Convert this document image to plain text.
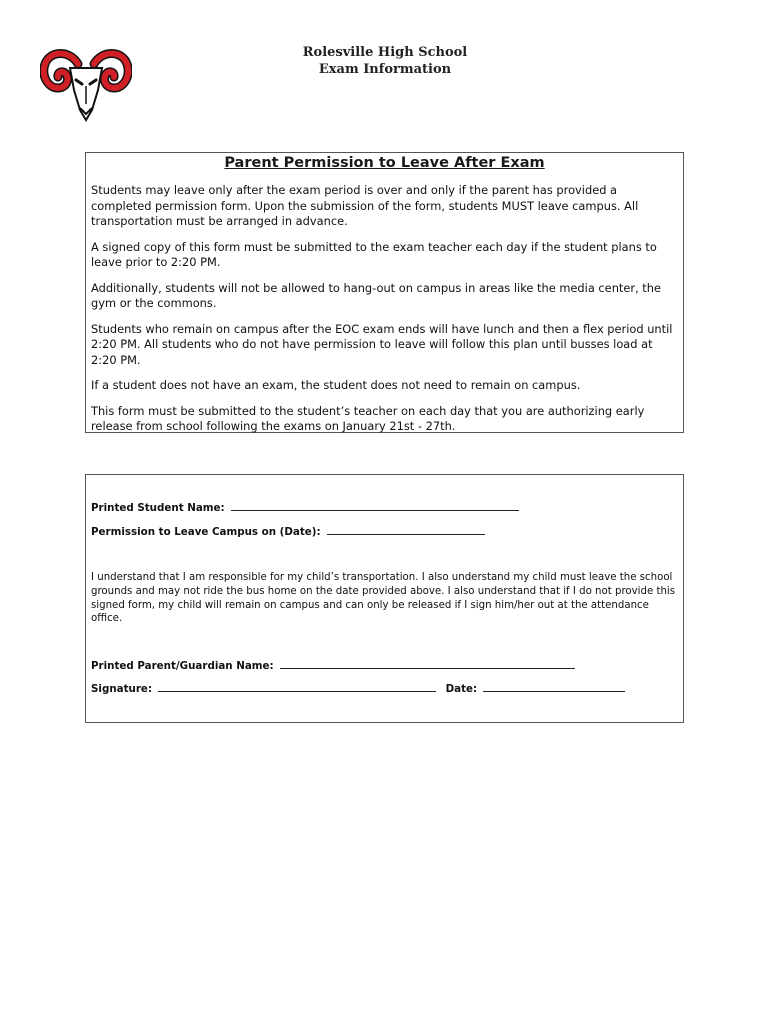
Rolesville High School
Exam Information
Parent Permission to Leave After Exam

Students may leave only after the exam period is over and only if the parent has provided a completed permission form. Upon the submission of the form, students MUST leave campus. All transportation must be arranged in advance.

A signed copy of this form must be submitted to the exam teacher each day if the student plans to leave prior to 2:20 PM.

Additionally, students will not be allowed to hang-out on campus in areas like the media center, the gym or the commons.

Students who remain on campus after the EOC exam ends will have lunch and then a flex period until 2:20 PM. All students who do not have permission to leave will follow this plan until busses load at 2:20 PM.

If a student does not have an exam, the student does not need to remain on campus.

This form must be submitted to the student’s teacher on each day that you are authorizing early release from school following the exams on January 21st - 27th.

Printed Student Name:
Permission to Leave Campus on (Date):
I understand that I am responsible for my child’s transportation. I also understand my child must leave the school grounds and may not ride the bus home on the date provided above. I also understand that if I do not provide this signed form, my child will remain on campus and can only be released if I sign him/her out at the attendance office.
Printed Parent/Guardian Name:
Signature:	Date:
